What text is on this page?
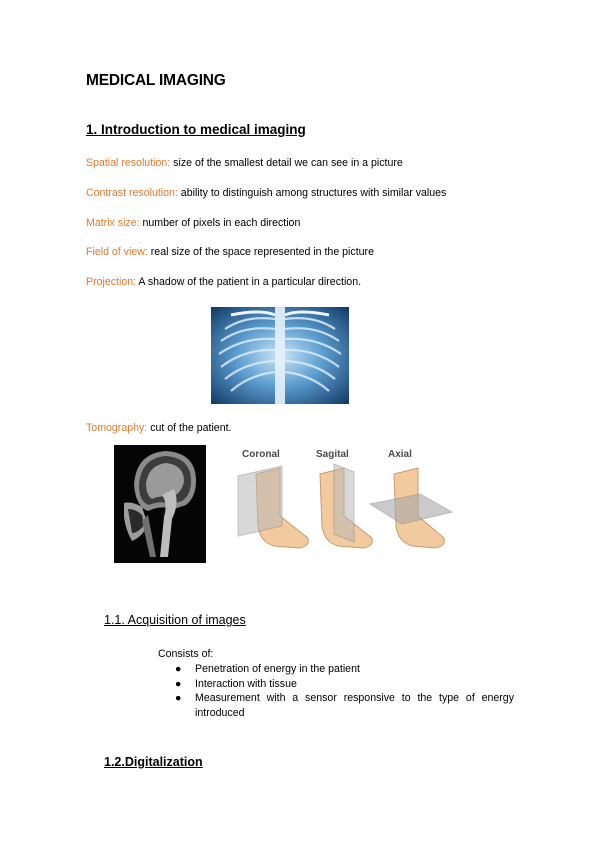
MEDICAL IMAGING
1. Introduction to medical imaging
Spatial resolution: size of the smallest detail we can see in a picture
Contrast resolution: ability to distinguish among structures with similar values
Matrix size: number of pixels in each direction
Field of view: real size of the space represented in the picture
Projection: A shadow of the patient in a particular direction.
Tomography: cut of the patient.
Coronal	Sagital	Axial
1.1. Acquisition of images
Consists of:
● Penetration of energy in the patient
● Interaction with tissue
● Measurement with a sensor responsive to the type of energy introduced
1.2.Digitalization
